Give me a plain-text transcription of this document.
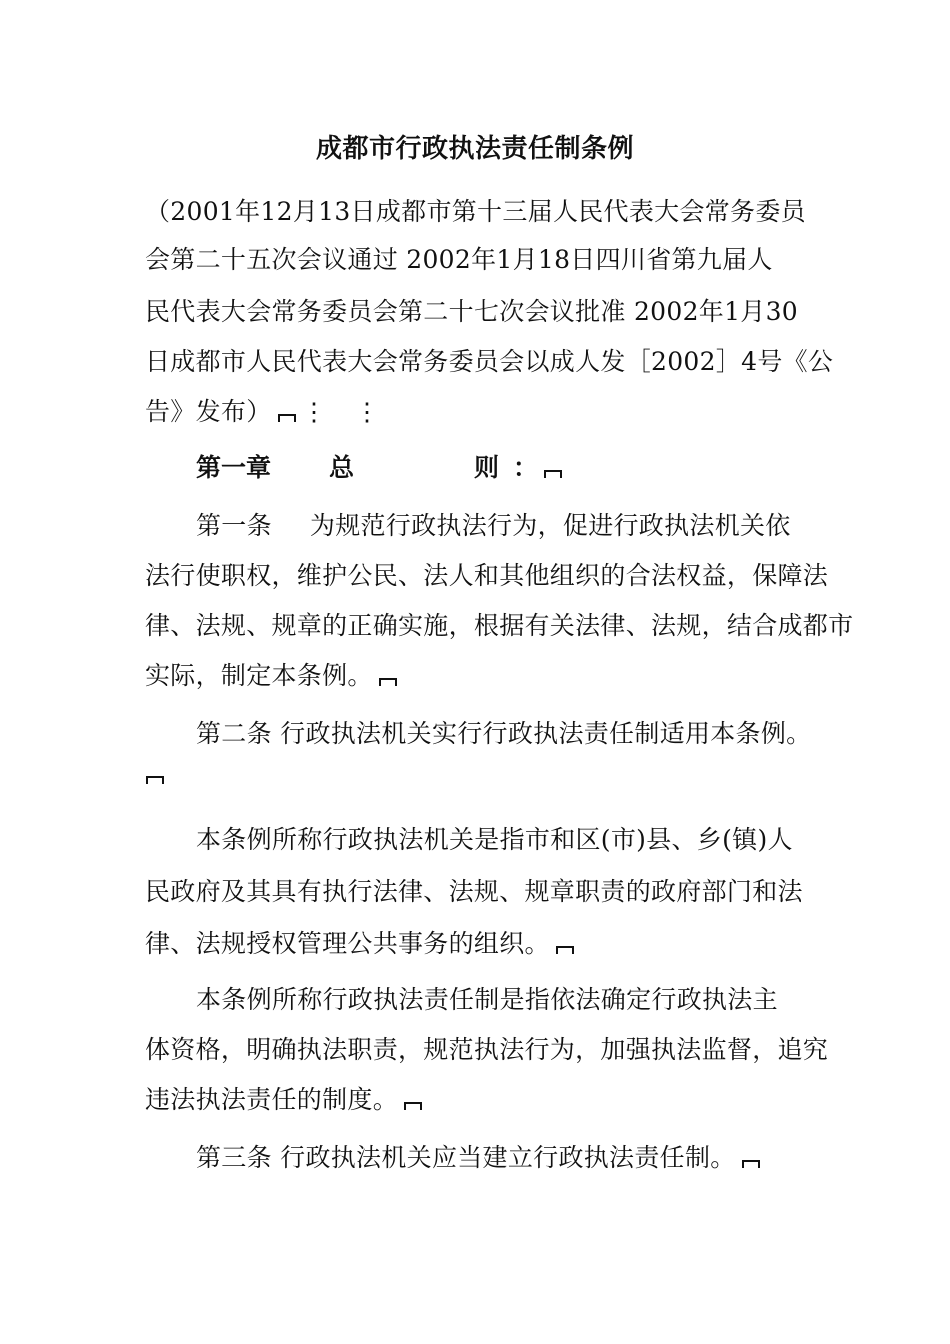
成都市行政执法责任制条例
（2001年12月13日成都市第十三届人民代表大会常务委员
会第二十五次会议通过 2002年1月18日四川省第九届人
民代表大会常务委员会第二十七次会议批准 2002年1月30
日成都市人民代表大会常务委员会以成人发［2002］4号《公
告》发布） ⋮ ⋮
第一章 总	则 ：
第一条 为规范行政执法行为，促进行政执法机关依
法行使职权，维护公民、法人和其他组织的合法权益，保障法
律、法规、规章的正确实施，根据有关法律、法规，结合成都市
实际，制定本条例。
第二条 行政执法机关实行行政执法责任制适用本条例。
本条例所称行政执法机关是指市和区(市)县、乡(镇)人
民政府及其具有执行法律、法规、规章职责的政府部门和法
律、法规授权管理公共事务的组织。
本条例所称行政执法责任制是指依法确定行政执法主
体资格，明确执法职责，规范执法行为，加强执法监督，追究
违法执法责任的制度。
第三条 行政执法机关应当建立行政执法责任制。
